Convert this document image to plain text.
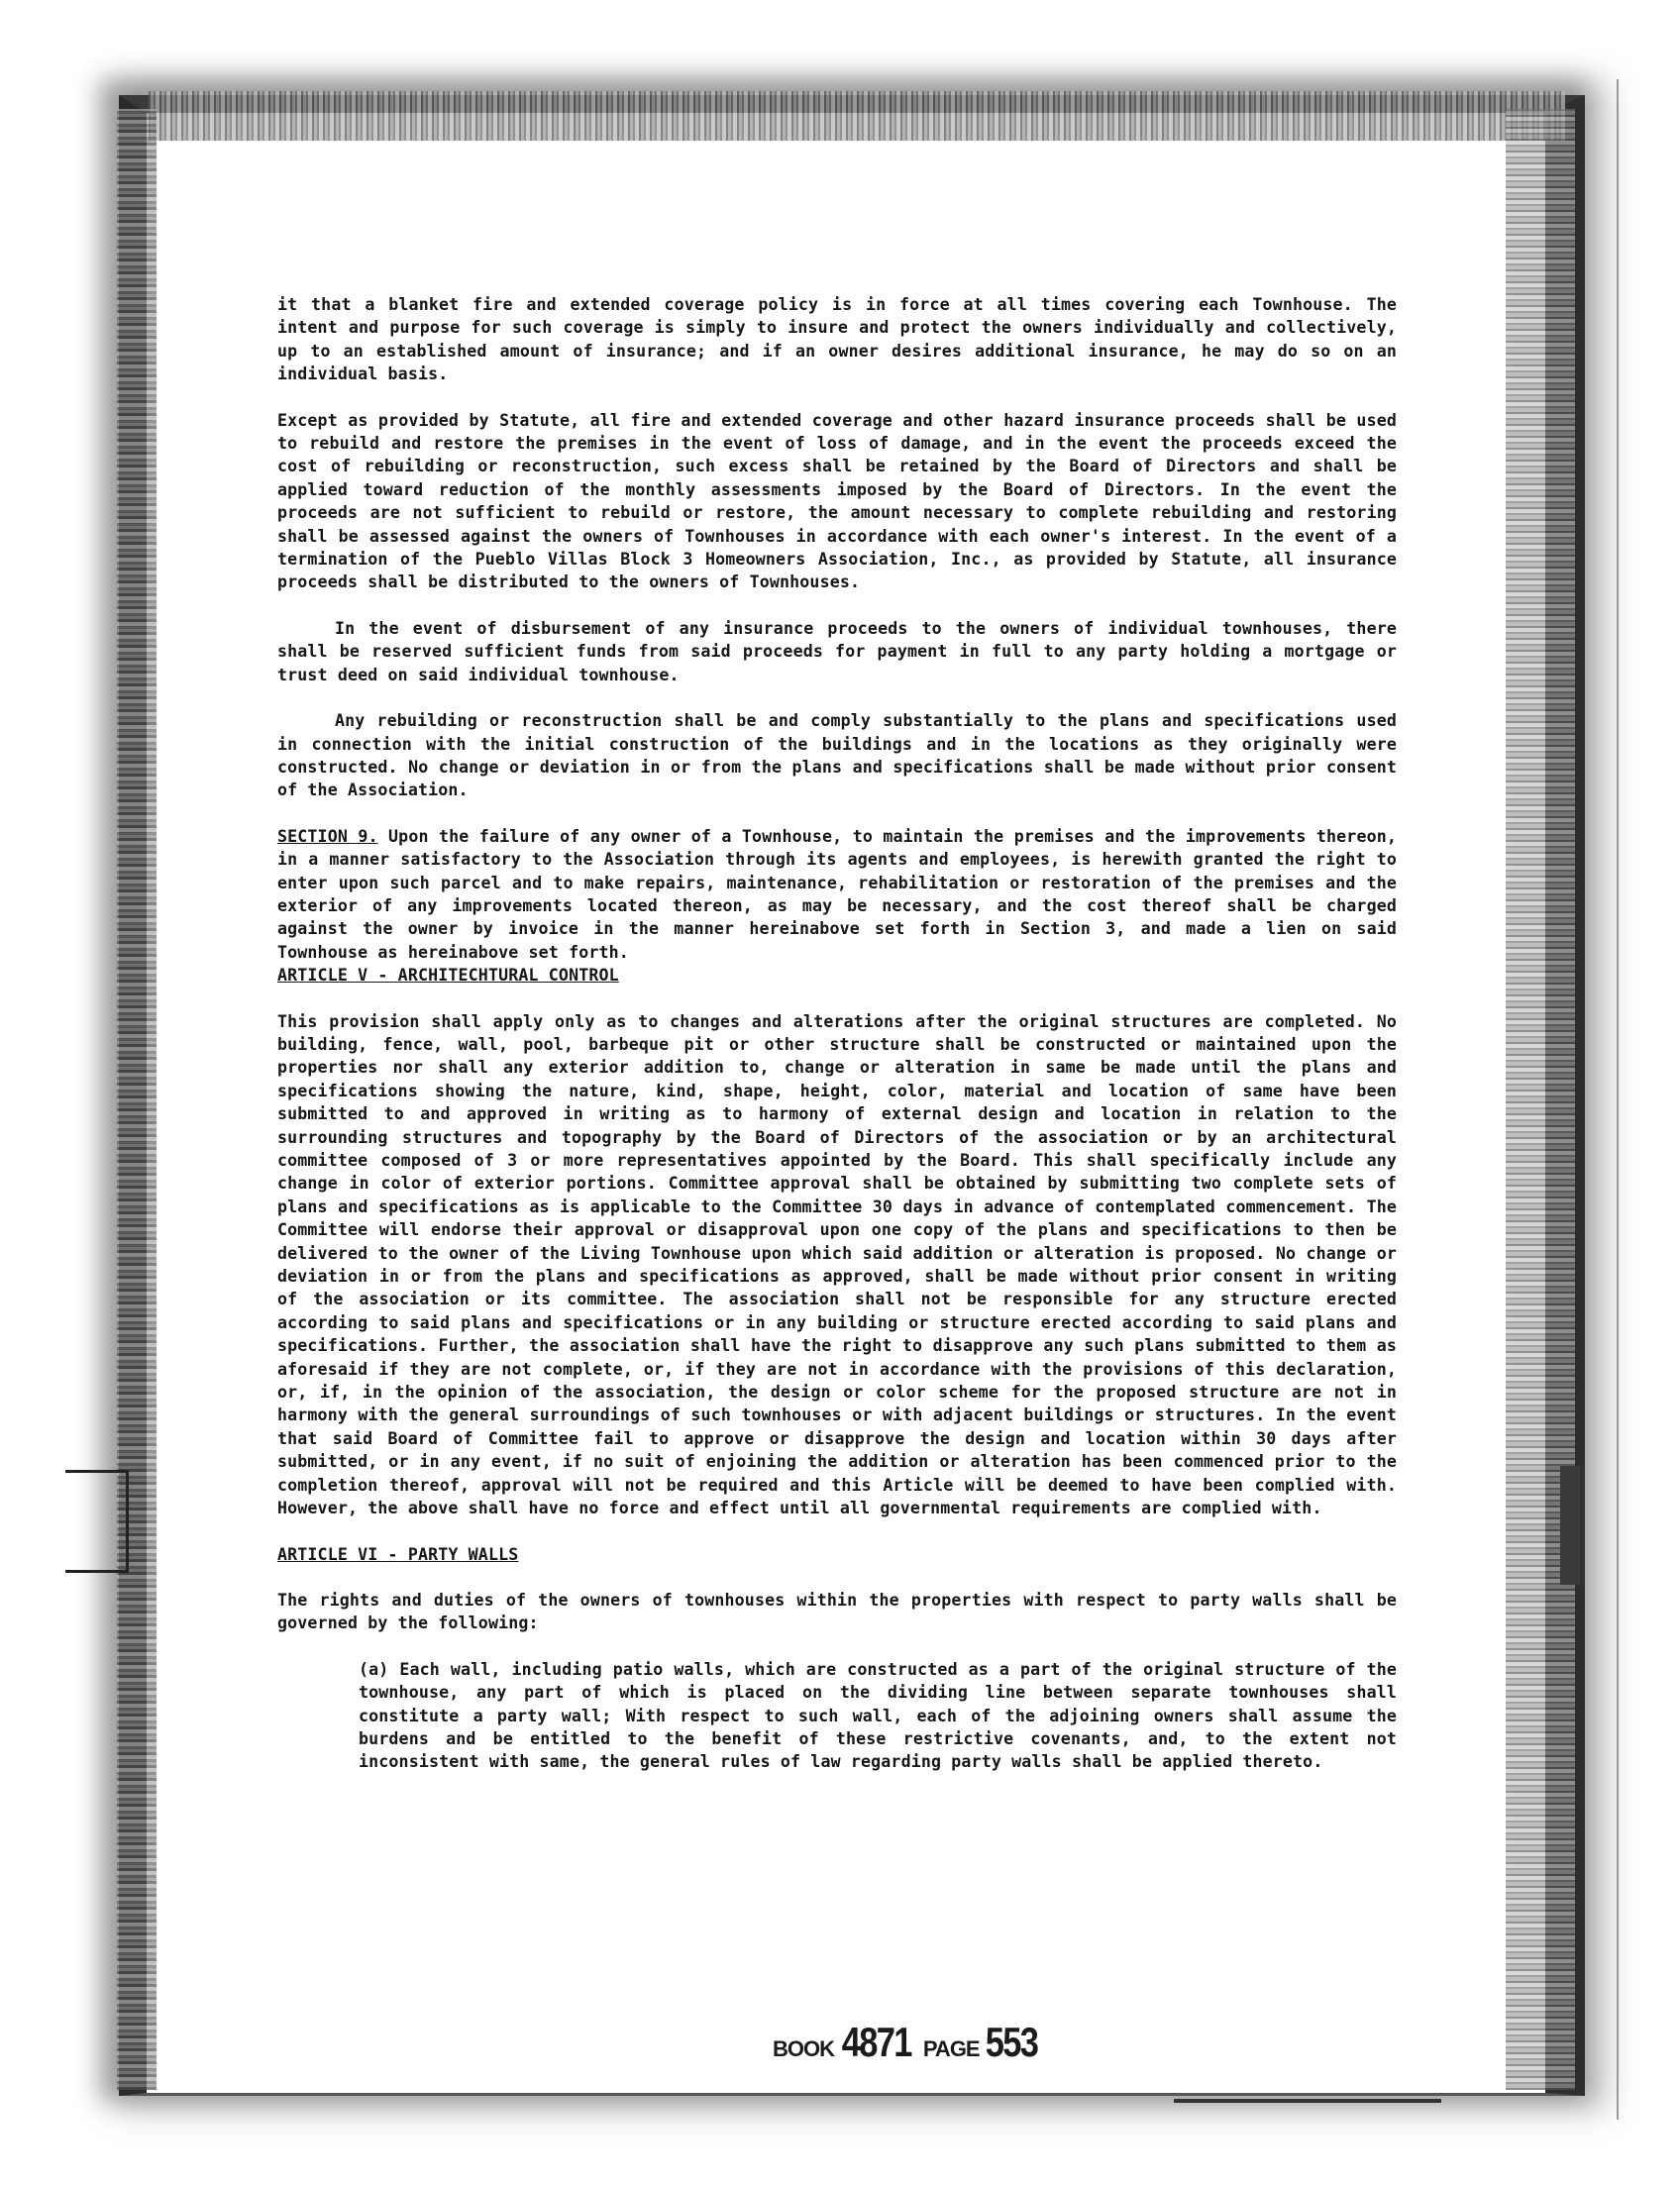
it that a blanket fire and extended coverage policy is in force at all times covering each Townhouse. The intent and purpose for such coverage is simply to insure and protect the owners individually and collectively, up to an established amount of insurance; and if an owner desires additional insurance, he may do so on an individual basis.

Except as provided by Statute, all fire and extended coverage and other hazard insurance proceeds shall be used to rebuild and restore the premises in the event of loss of damage, and in the event the proceeds exceed the cost of rebuilding or reconstruction, such excess shall be retained by the Board of Directors and shall be applied toward reduction of the monthly assessments imposed by the Board of Directors. In the event the proceeds are not sufficient to rebuild or restore, the amount necessary to complete rebuilding and restoring shall be assessed against the owners of Townhouses in accordance with each owner's interest. In the event of a termination of the Pueblo Villas Block 3 Homeowners Association, Inc., as provided by Statute, all insurance proceeds shall be distributed to the owners of Townhouses.

In the event of disbursement of any insurance proceeds to the owners of individual townhouses, there shall be reserved sufficient funds from said proceeds for payment in full to any party holding a mortgage or trust deed on said individual townhouse.

Any rebuilding or reconstruction shall be and comply substantially to the plans and specifications used in connection with the initial construction of the buildings and in the locations as they originally were constructed. No change or deviation in or from the plans and specifications shall be made without prior consent of the Association.

SECTION 9. Upon the failure of any owner of a Townhouse, to maintain the premises and the improvements thereon, in a manner satisfactory to the Association through its agents and employees, is herewith granted the right to enter upon such parcel and to make repairs, maintenance, rehabilitation or restoration of the premises and the exterior of any improvements located thereon, as may be necessary, and the cost thereof shall be charged against the owner by invoice in the manner hereinabove set forth in Section 3, and made a lien on said Townhouse as hereinabove set forth.

ARTICLE V - ARCHITECHTURAL CONTROL

This provision shall apply only as to changes and alterations after the original structures are completed. No building, fence, wall, pool, barbeque pit or other structure shall be constructed or maintained upon the properties nor shall any exterior addition to, change or alteration in same be made until the plans and specifications showing the nature, kind, shape, height, color, material and location of same have been submitted to and approved in writing as to harmony of external design and location in relation to the surrounding structures and topography by the Board of Directors of the association or by an architectural committee composed of 3 or more representatives appointed by the Board. This shall specifically include any change in color of exterior portions. Committee approval shall be obtained by submitting two complete sets of plans and specifications as is applicable to the Committee 30 days in advance of contemplated commencement. The Committee will endorse their approval or disapproval upon one copy of the plans and specifications to then be delivered to the owner of the Living Townhouse upon which said addition or alteration is proposed. No change or deviation in or from the plans and specifications as approved, shall be made without prior consent in writing of the association or its committee. The association shall not be responsible for any structure erected according to said plans and specifications or in any building or structure erected according to said plans and specifications. Further, the association shall have the right to disapprove any such plans submitted to them as aforesaid if they are not complete, or, if they are not in accordance with the provisions of this declaration, or, if, in the opinion of the association, the design or color scheme for the proposed structure are not in harmony with the general surroundings of such townhouses or with adjacent buildings or structures. In the event that said Board of Committee fail to approve or disapprove the design and location within 30 days after submitted, or in any event, if no suit of enjoining the addition or alteration has been commenced prior to the completion thereof, approval will not be required and this Article will be deemed to have been complied with. However, the above shall have no force and effect until all governmental requirements are complied with.

ARTICLE VI - PARTY WALLS

The rights and duties of the owners of townhouses within the properties with respect to party walls shall be governed by the following:

(a) Each wall, including patio walls, which are constructed as a part of the original structure of the townhouse, any part of which is placed on the dividing line between separate townhouses shall constitute a party wall; With respect to such wall, each of the adjoining owners shall assume the burdens and be entitled to the benefit of these restrictive covenants, and, to the extent not inconsistent with same, the general rules of law regarding party walls shall be applied thereto.

BOOK 4871 PAGE 553
